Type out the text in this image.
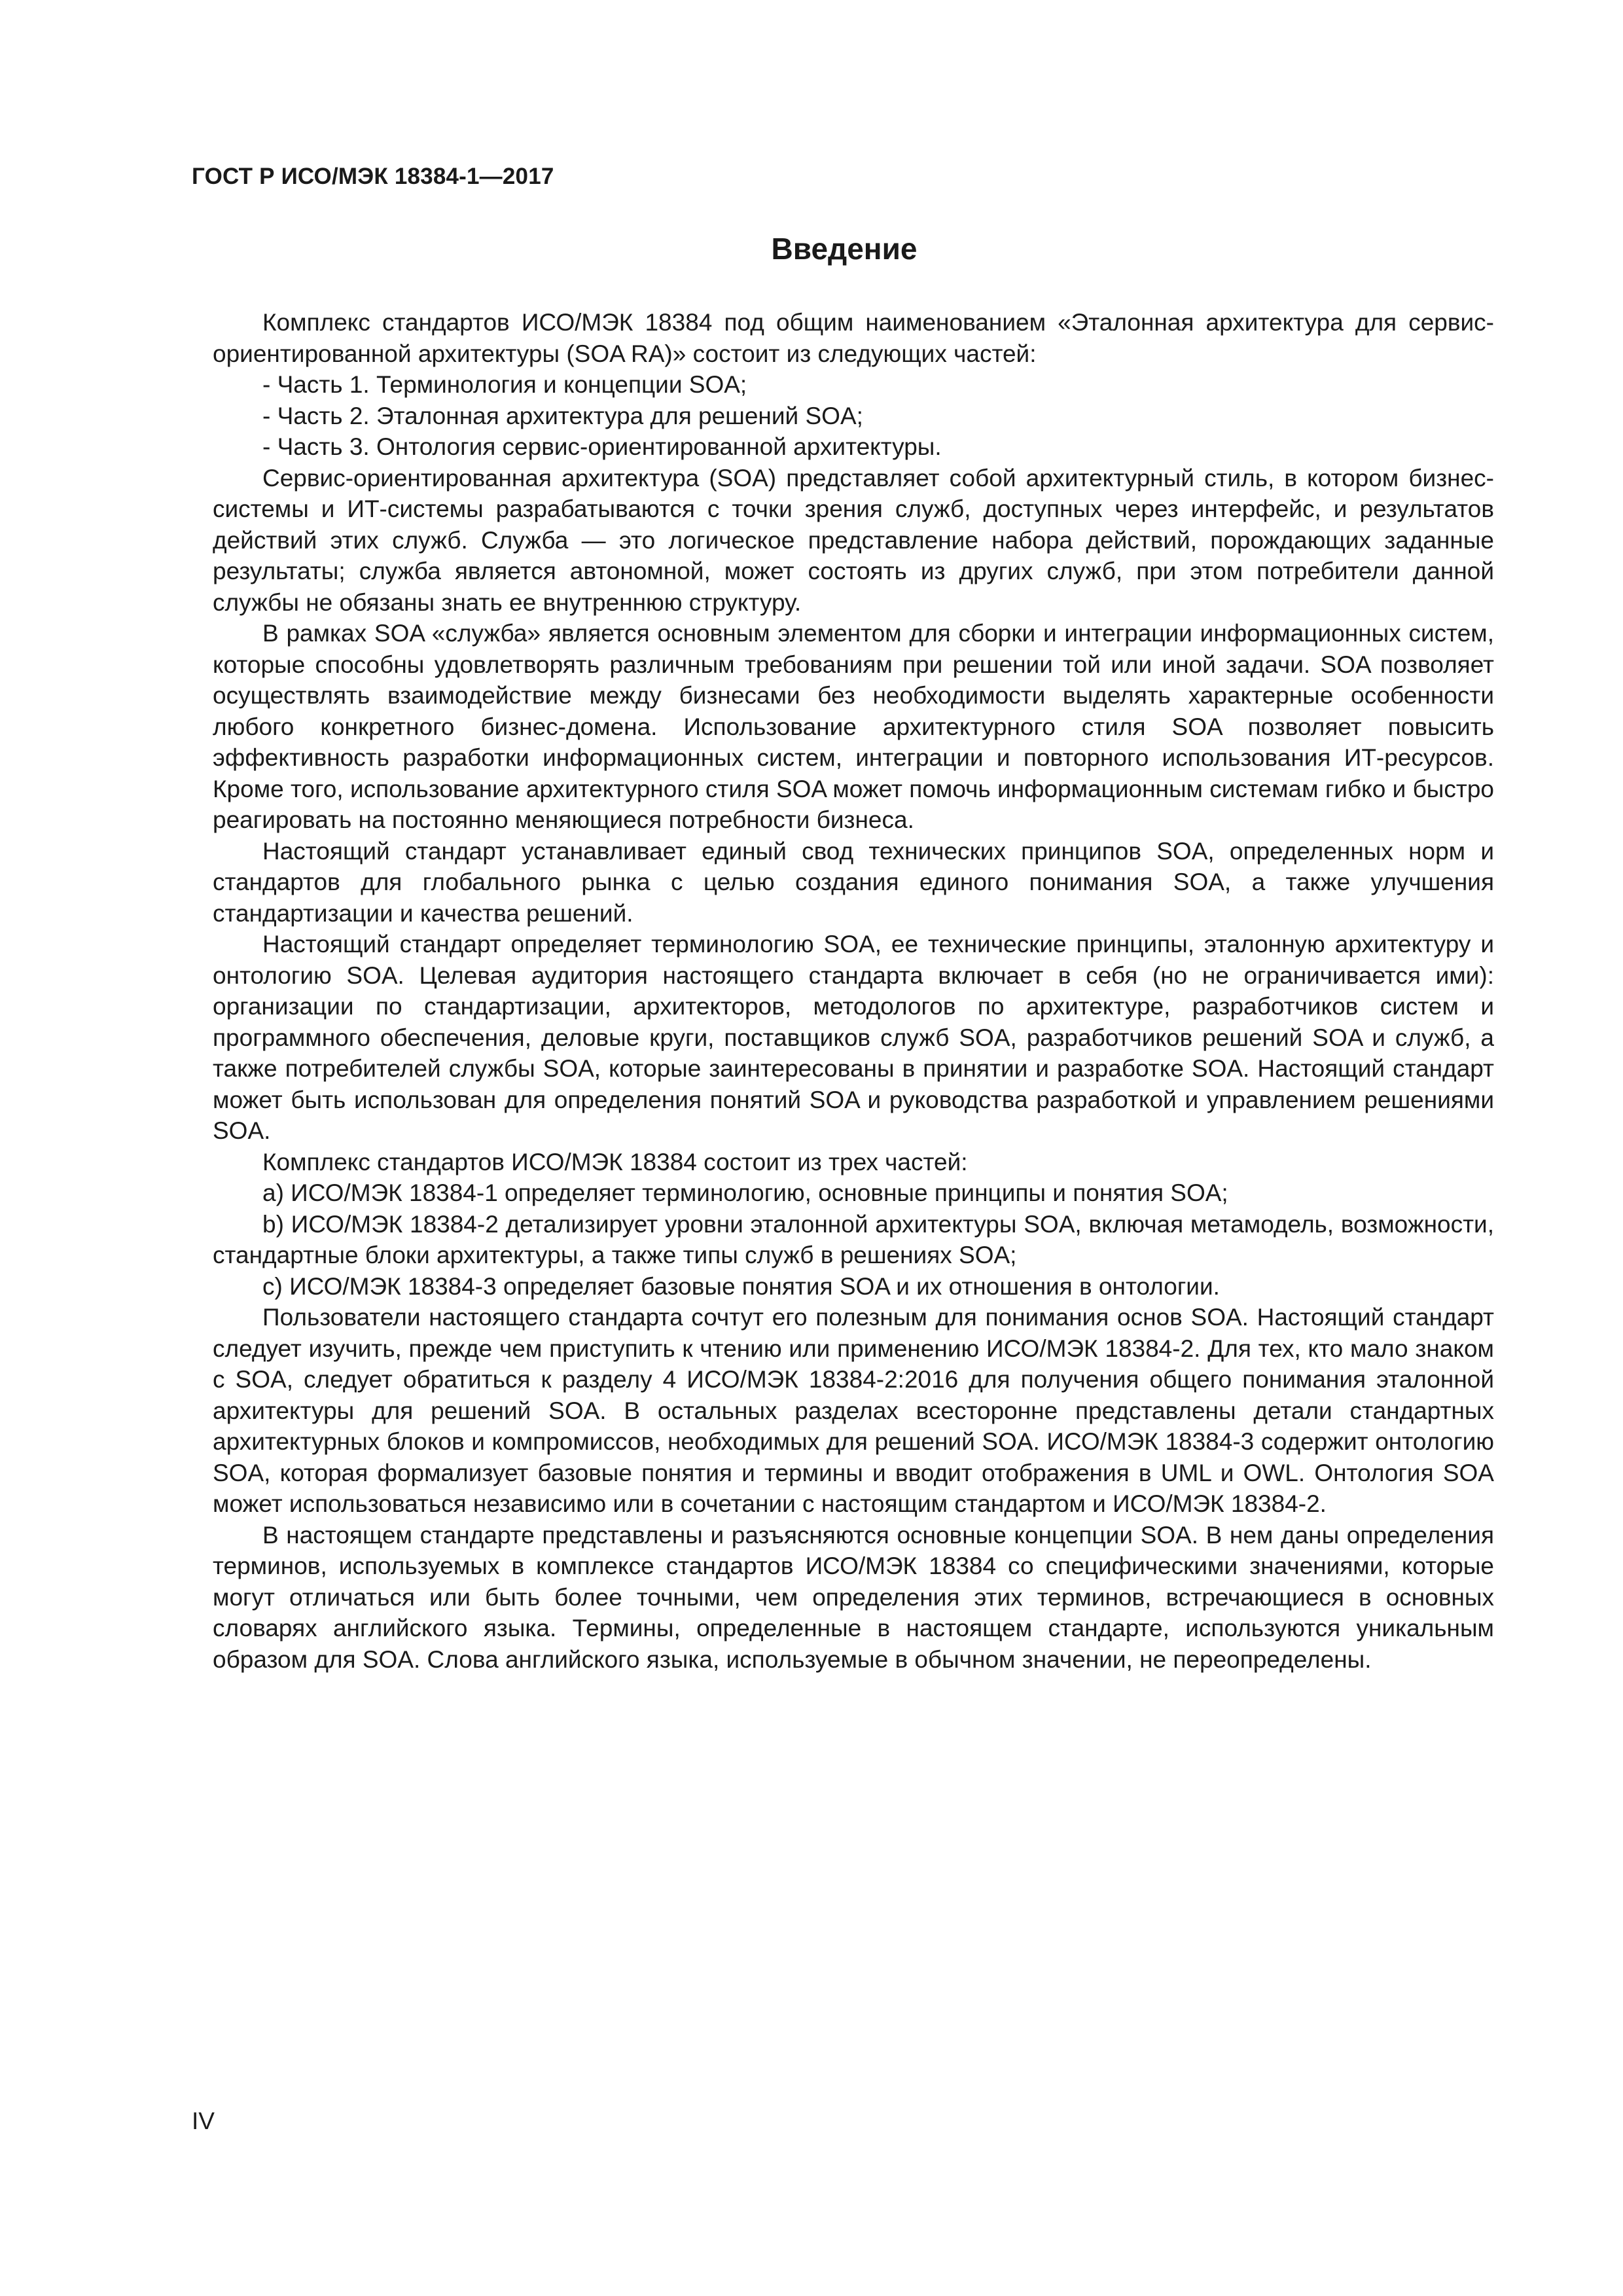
ГОСТ Р ИСО/МЭК 18384-1—2017

Введение

Комплекс стандартов ИСО/МЭК 18384 под общим наименованием «Эталонная архитектура для сервис-ориентированной архитектуры (SOA RA)» состоит из следующих частей:

- Часть 1. Терминология и концепции SOA;

- Часть 2. Эталонная архитектура для решений SOA;

- Часть 3. Онтология сервис-ориентированной архитектуры.

Сервис-ориентированная архитектура (SOA) представляет собой архитектурный стиль, в котором бизнес-системы и ИТ-системы разрабатываются с точки зрения служб, доступных через интерфейс, и результатов действий этих служб. Служба — это логическое представление набора действий, порождающих заданные результаты; служба является автономной, может состоять из других служб, при этом потребители данной службы не обязаны знать ее внутреннюю структуру.

В рамках SOA «служба» является основным элементом для сборки и интеграции информационных систем, которые способны удовлетворять различным требованиям при решении той или иной задачи. SOA позволяет осуществлять взаимодействие между бизнесами без необходимости выделять характерные особенности любого конкретного бизнес-домена. Использование архитектурного стиля SOA позволяет повысить эффективность разработки информационных систем, интеграции и повторного использования ИТ-ресурсов. Кроме того, использование архитектурного стиля SOA может помочь информационным системам гибко и быстро реагировать на постоянно меняющиеся потребности бизнеса.

Настоящий стандарт устанавливает единый свод технических принципов SOA, определенных норм и стандартов для глобального рынка с целью создания единого понимания SOA, а также улучшения стандартизации и качества решений.

Настоящий стандарт определяет терминологию SOA, ее технические принципы, эталонную архитектуру и онтологию SOA. Целевая аудитория настоящего стандарта включает в себя (но не ограничивается ими): организации по стандартизации, архитекторов, методологов по архитектуре, разработчиков систем и программного обеспечения, деловые круги, поставщиков служб SOA, разработчиков решений SOA и служб, а также потребителей службы SOA, которые заинтересованы в принятии и разработке SOA. Настоящий стандарт может быть использован для определения понятий SOA и руководства разработкой и управлением решениями SOA.

Комплекс стандартов ИСО/МЭК 18384 состоит из трех частей:

а) ИСО/МЭК 18384-1 определяет терминологию, основные принципы и понятия SOA;

b) ИСО/МЭК 18384-2 детализирует уровни эталонной архитектуры SOA, включая метамодель, возможности, стандартные блоки архитектуры, а также типы служб в решениях SOA;

с) ИСО/МЭК 18384-3 определяет базовые понятия SOA и их отношения в онтологии.

Пользователи настоящего стандарта сочтут его полезным для понимания основ SOA. Настоящий стандарт следует изучить, прежде чем приступить к чтению или применению ИСО/МЭК 18384-2. Для тех, кто мало знаком с SOA, следует обратиться к разделу 4 ИСО/МЭК 18384-2:2016 для получения общего понимания эталонной архитектуры для решений SOA. В остальных разделах всесторонне представлены детали стандартных архитектурных блоков и компромиссов, необходимых для решений SOA. ИСО/МЭК 18384-3 содержит онтологию SOA, которая формализует базовые понятия и термины и вводит отображения в UML и OWL. Онтология SOA может использоваться независимо или в сочетании с настоящим стандартом и ИСО/МЭК 18384-2.

В настоящем стандарте представлены и разъясняются основные концепции SOA. В нем даны определения терминов, используемых в комплексе стандартов ИСО/МЭК 18384 со специфическими значениями, которые могут отличаться или быть более точными, чем определения этих терминов, встречающиеся в основных словарях английского языка. Термины, определенные в настоящем стандарте, используются уникальным образом для SOA. Слова английского языка, используемые в обычном значении, не переопределены.

IV
